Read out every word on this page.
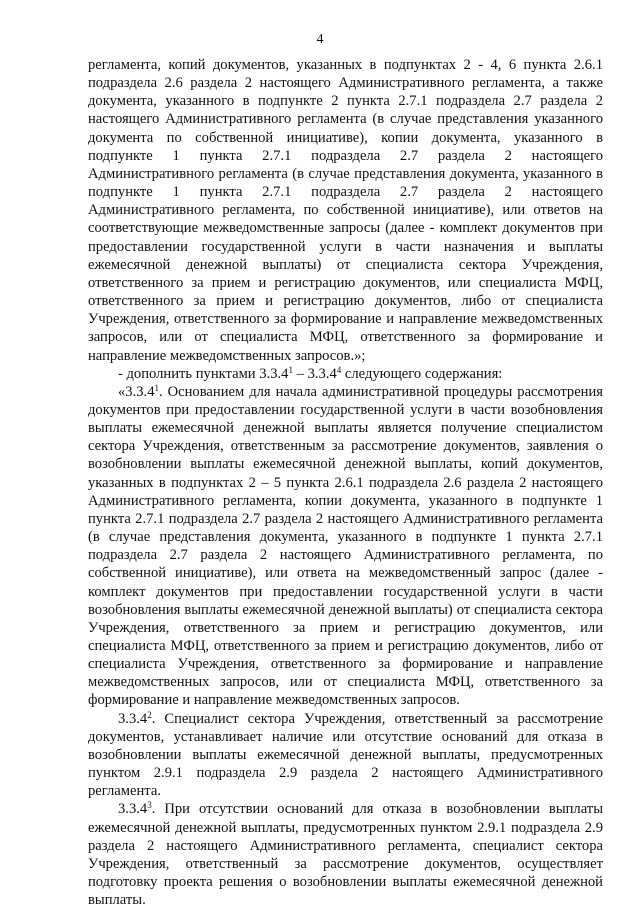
4

регламента, копий документов, указанных в подпунктах 2 - 4, 6 пункта 2.6.1 подраздела 2.6 раздела 2 настоящего Административного регламента, а также документа, указанного в подпункте 2 пункта 2.7.1 подраздела 2.7 раздела 2 настоящего Административного регламента (в случае представления указанного документа по собственной инициативе), копии документа, указанного в подпункте 1 пункта 2.7.1 подраздела 2.7 раздела 2 настоящего Административного регламента (в случае представления документа, указанного в подпункте 1 пункта 2.7.1 подраздела 2.7 раздела 2 настоящего Административного регламента, по собственной инициативе), или ответов на соответствующие межведомственные запросы (далее - комплект документов при предоставлении государственной услуги в части назначения и выплаты ежемесячной денежной выплаты) от специалиста сектора Учреждения, ответственного за прием и регистрацию документов, или специалиста МФЦ, ответственного за прием и регистрацию документов, либо от специалиста Учреждения, ответственного за формирование и направление межведомственных запросов, или от специалиста МФЦ, ответственного за формирование и направление межведомственных запросов.»;

- дополнить пунктами 3.3.4$^1$ – 3.3.4$^4$ следующего содержания:

«3.3.4$^1$. Основанием для начала административной процедуры рассмотрения документов при предоставлении государственной услуги в части возобновления выплаты ежемесячной денежной выплаты является получение специалистом сектора Учреждения, ответственным за рассмотрение документов, заявления о возобновлении выплаты ежемесячной денежной выплаты, копий документов, указанных в подпунктах 2 – 5 пункта 2.6.1 подраздела 2.6 раздела 2 настоящего Административного регламента, копии документа, указанного в подпункте 1 пункта 2.7.1 подраздела 2.7 раздела 2 настоящего Административного регламента (в случае представления документа, указанного в подпункте 1 пункта 2.7.1 подраздела 2.7 раздела 2 настоящего Административного регламента, по собственной инициативе), или ответа на межведомственный запрос (далее - комплект документов при предоставлении государственной услуги в части возобновления выплаты ежемесячной денежной выплаты) от специалиста сектора Учреждения, ответственного за прием и регистрацию документов, или специалиста МФЦ, ответственного за прием и регистрацию документов, либо от специалиста Учреждения, ответственного за формирование и направление межведомственных запросов, или от специалиста МФЦ, ответственного за формирование и направление межведомственных запросов.

3.3.4$^2$. Специалист сектора Учреждения, ответственный за рассмотрение документов, устанавливает наличие или отсутствие оснований для отказа в возобновлении выплаты ежемесячной денежной выплаты, предусмотренных пунктом 2.9.1 подраздела 2.9 раздела 2 настоящего Административного регламента.

3.3.4$^3$. При отсутствии оснований для отказа в возобновлении выплаты ежемесячной денежной выплаты, предусмотренных пунктом 2.9.1 подраздела 2.9 раздела 2 настоящего Административного регламента, специалист сектора Учреждения, ответственный за рассмотрение документов, осуществляет подготовку проекта решения о возобновлении выплаты ежемесячной денежной выплаты.
